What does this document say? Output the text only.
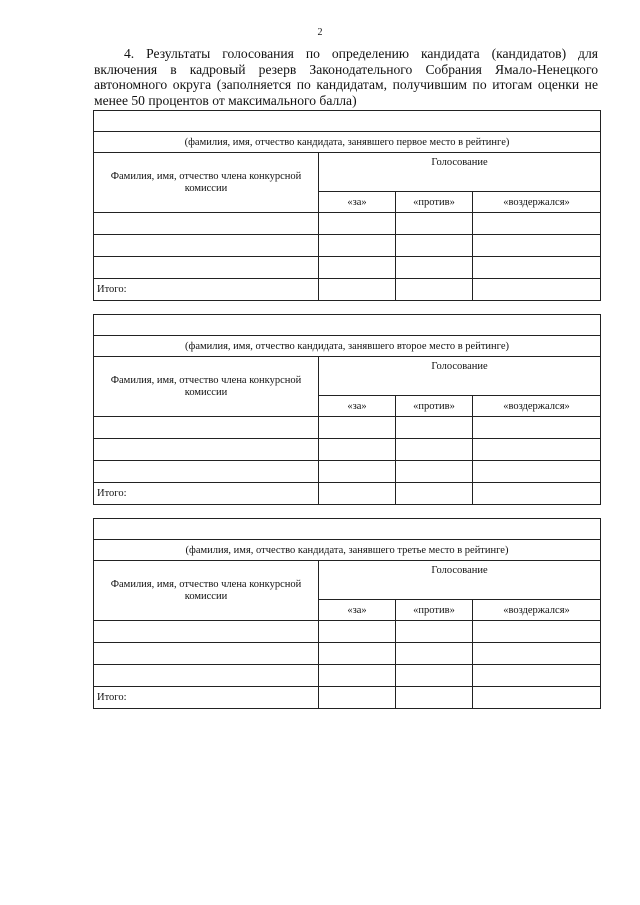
2

4. Результаты голосования по определению кандидата (кандидатов) для включения в кадровый резерв Законодательного Собрания Ямало-Ненецкого автономного округа (заполняется по кандидатам, получившим по итогам оценки не менее 50 процентов от максимального балла)

(фамилия, имя, отчество кандидата, занявшего первое место в рейтинге)			
Фамилия, имя, отчество члена конкурсной комиссии	Голосование		
	«за»	«против»	«воздержался»

Итого:			

(фамилия, имя, отчество кандидата, занявшего второе место в рейтинге)			
Фамилия, имя, отчество члена конкурсной комиссии	Голосование		
	«за»	«против»	«воздержался»

Итого:			

(фамилия, имя, отчество кандидата, занявшего третье место в рейтинге)			
Фамилия, имя, отчество члена конкурсной комиссии	Голосование		
	«за»	«против»	«воздержался»

Итого:			
